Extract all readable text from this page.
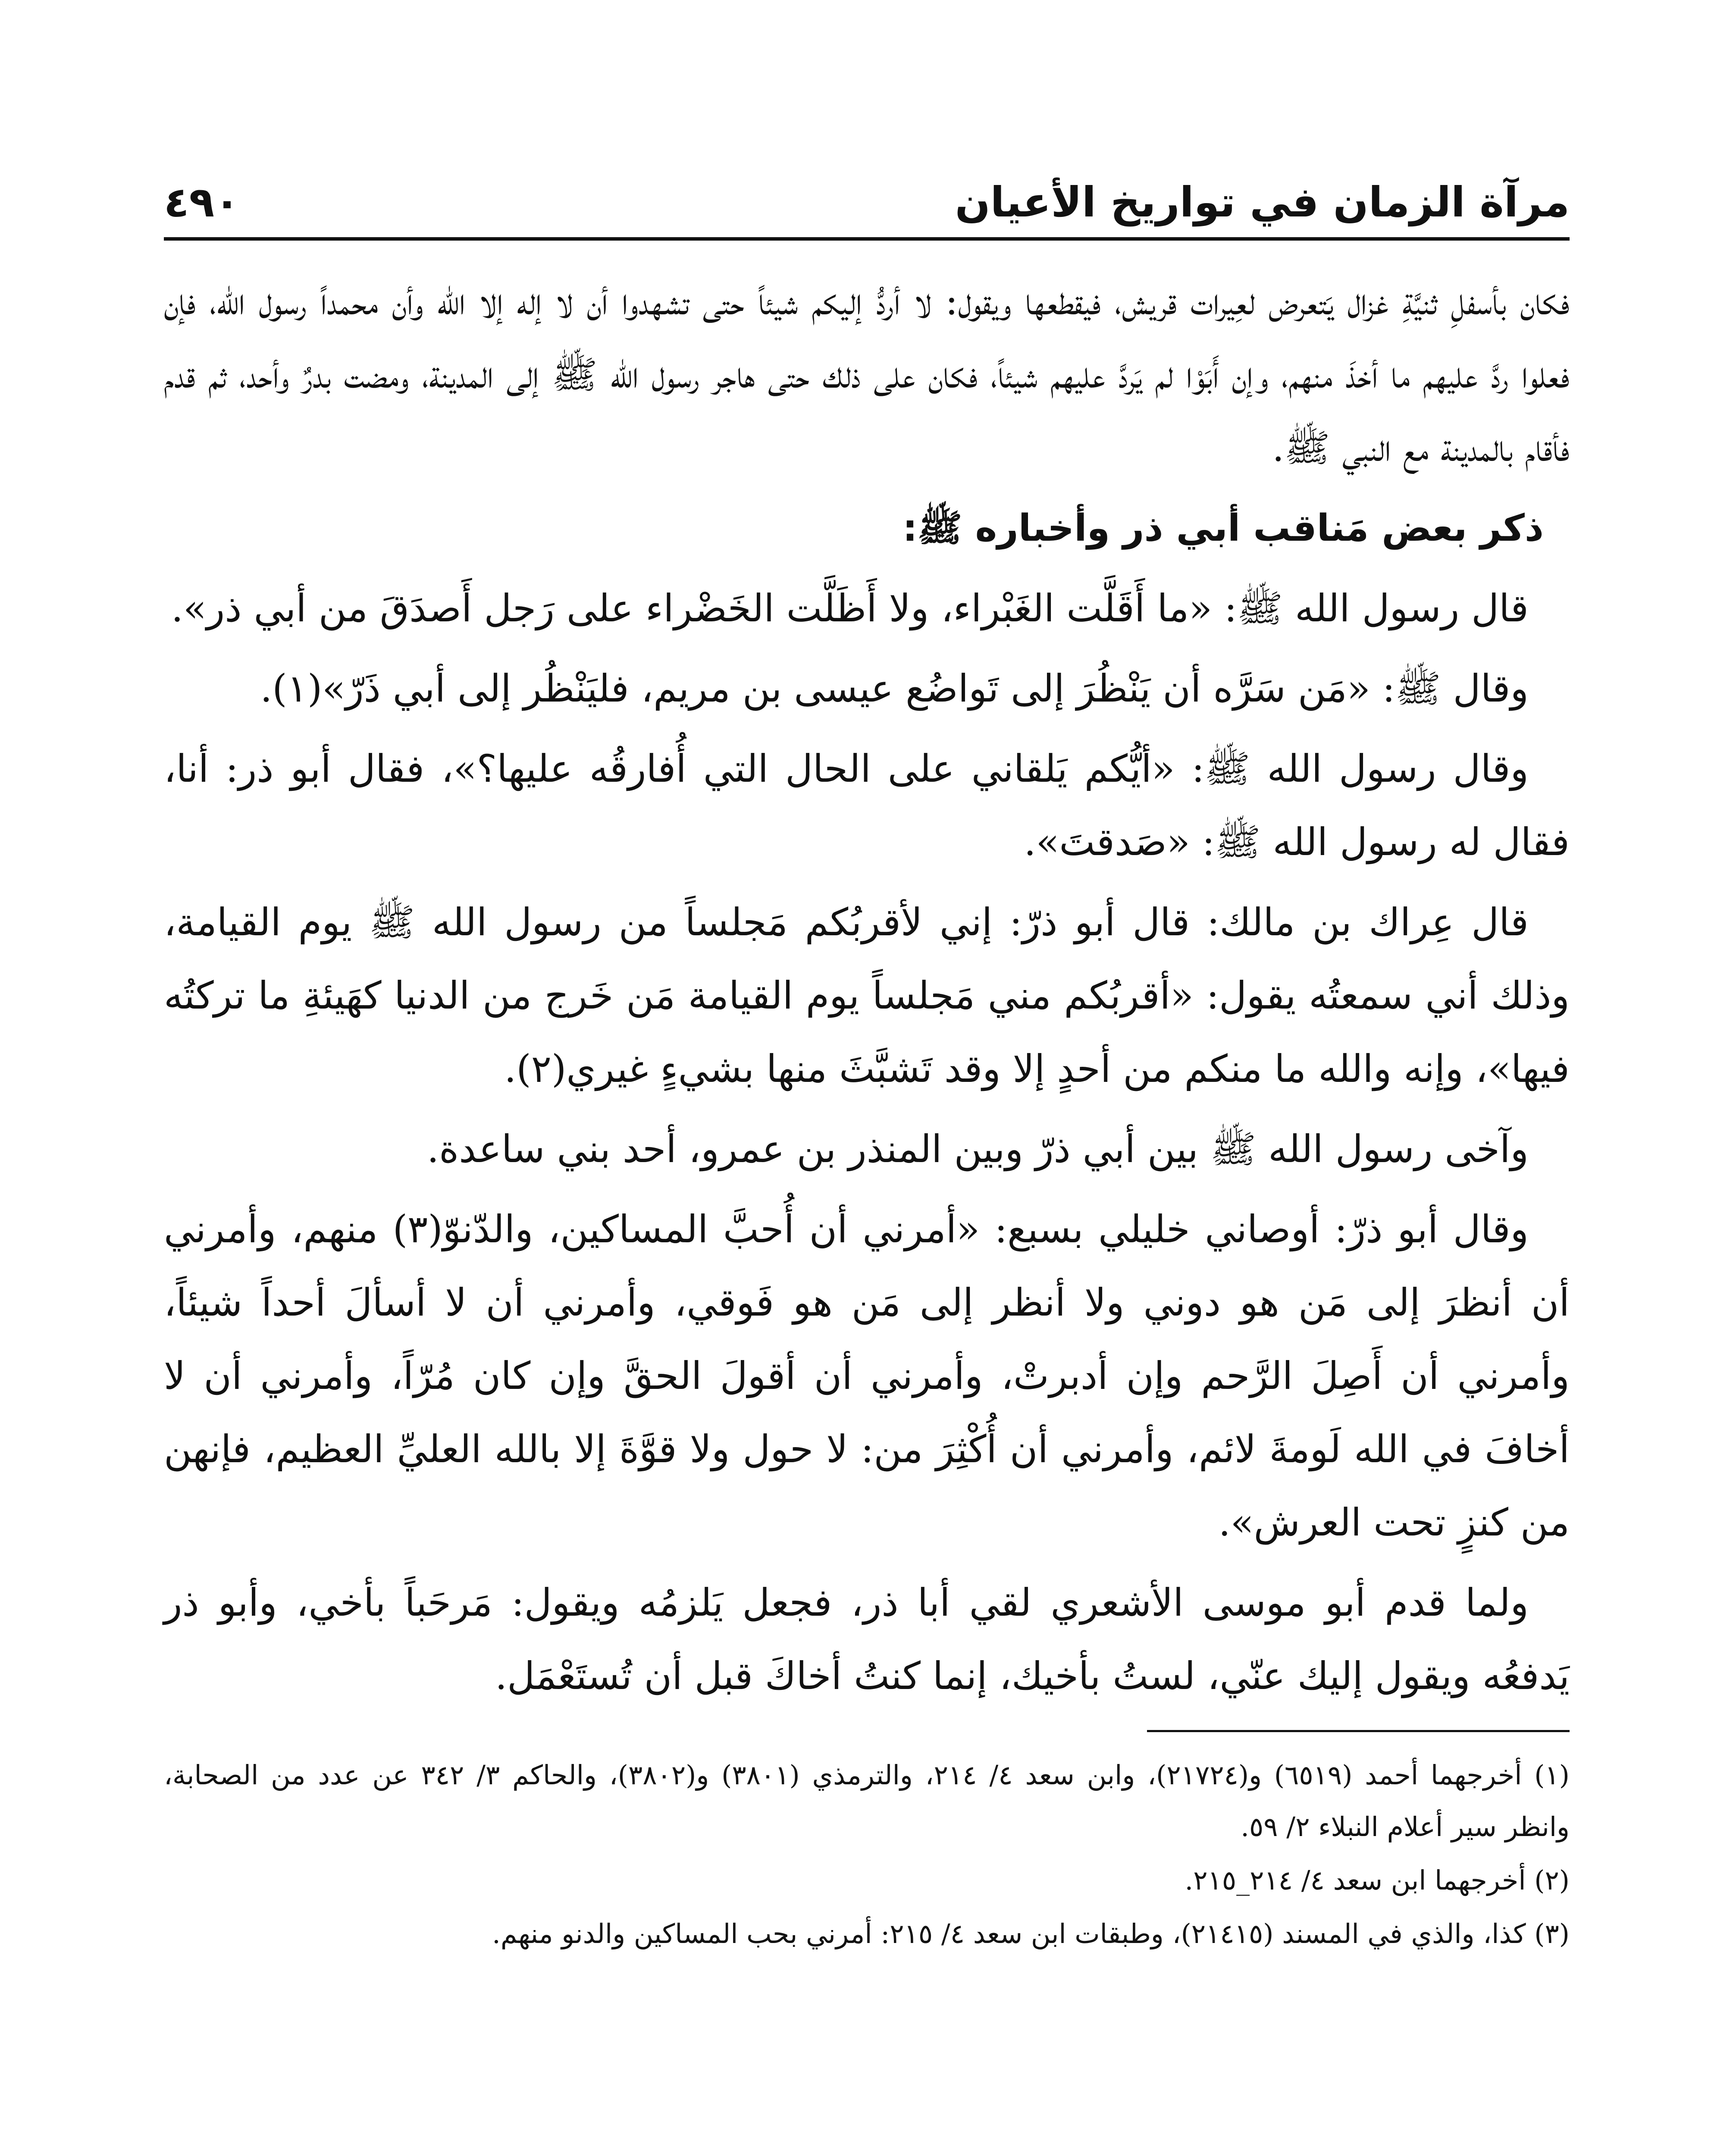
مرآة الزمان في تواريخ الأعيان
٤٩٠

فكان بأسفلِ ثنيَّةِ غزال يَتعرض لعِيرات قريش، فيقطعها ويقول: لا أردُّ إليكم شيئاً حتى تشهدوا أن لا إله إلا الله وأن محمداً رسول الله، فإن فعلوا ردَّ عليهم ما أخذَ منهم، وإن أَبَوْا لم يَردَّ عليهم شيئاً، فكان على ذلك حتى هاجر رسول الله ﷺ إلى المدينة، ومضت بدرٌ وأحد، ثم قدم فأقام بالمدينة مع النبي ﷺ.

ذكر بعض مَناقب أبي ذر وأخباره ﷺ:

قال رسول الله ﷺ: «ما أَقَلَّت الغَبْراء، ولا أَظَلَّت الخَضْراء على رَجل أَصدَقَ من أبي ذر».

وقال ﷺ: «مَن سَرَّه أن يَنْظُرَ إلى تَواضُع عيسى بن مريم، فليَنْظُر إلى أبي ذَرّ»(١).

وقال رسول الله ﷺ: «أيُّكم يَلقاني على الحال التي أُفارقُه عليها؟»، فقال أبو ذر: أنا، فقال له رسول الله ﷺ: «صَدقتَ».

قال عِراك بن مالك: قال أبو ذرّ: إني لأقربُكم مَجلساً من رسول الله ﷺ يوم القيامة، وذلك أني سمعتُه يقول: «أقربُكم مني مَجلساً يوم القيامة مَن خَرج من الدنيا كهَيئةِ ما تركتُه فيها»، وإنه والله ما منكم من أحدٍ إلا وقد تَشبَّثَ منها بشيءٍ غيري(٢).

وآخى رسول الله ﷺ بين أبي ذرّ وبين المنذر بن عمرو، أحد بني ساعدة.

وقال أبو ذرّ: أوصاني خليلي بسبع: «أمرني أن أُحبَّ المساكين، والدّنوّ(٣) منهم، وأمرني أن أنظرَ إلى مَن هو دوني ولا أنظر إلى مَن هو فَوقي، وأمرني أن لا أسألَ أحداً شيئاً، وأمرني أن أَصِلَ الرَّحم وإن أدبرتْ، وأمرني أن أقولَ الحقَّ وإن كان مُرّاً، وأمرني أن لا أخافَ في الله لَومةَ لائم، وأمرني أن أُكْثِرَ من: لا حول ولا قوَّةَ إلا بالله العليِّ العظيم، فإنهن من كنزٍ تحت العرش».

ولما قدم أبو موسى الأشعري لقي أبا ذر، فجعل يَلزمُه ويقول: مَرحَباً بأخي، وأبو ذر يَدفعُه ويقول إليك عنّي، لستُ بأخيك، إنما كنتُ أخاكَ قبل أن تُستَعْمَل.

(١) أخرجهما أحمد (٦٥١٩) و(٢١٧٢٤)، وابن سعد ٤/ ٢١٤، والترمذي (٣٨٠١) و(٣٨٠٢)، والحاكم ٣/ ٣٤٢ عن عدد من الصحابة، وانظر سير أعلام النبلاء ٢/ ٥٩.

(٢) أخرجهما ابن سعد ٤/ ٢١٤_٢١٥.

(٣) كذا، والذي في المسند (٢١٤١٥)، وطبقات ابن سعد ٤/ ٢١٥: أمرني بحب المساكين والدنو منهم.
